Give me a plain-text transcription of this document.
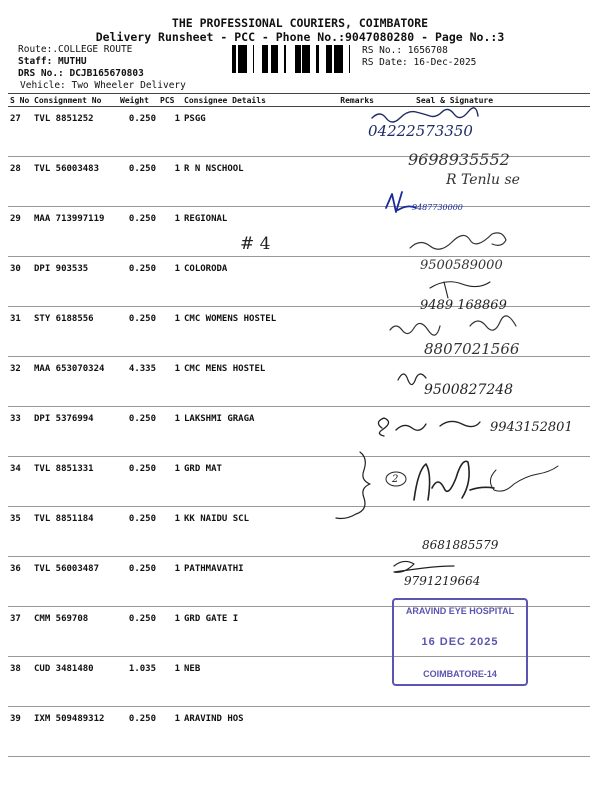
THE PROFESSIONAL COURIERS, COIMBATORE
Delivery Runsheet - PCC - Phone No.:9047080280 - Page No.:3
Route:.COLLEGE ROUTE
Staff: MUTHU
DRS No.: DCJB165670803
Vehicle: Two Wheeler Delivery
RS No.: 1656708
RS Date: 16-Dec-2025
S No	Consignment No	Weight	PCS	Consignee Details	Remarks	Seal & Signature
27	TVL 8851252	0.250	1	PSGG		
28	TVL 56003483	0.250	1	R N NSCHOOL		
29	MAA 713997119	0.250	1	REGIONAL		
30	DPI 903535	0.250	1	COLORODA		
31	STY 6188556	0.250	1	CMC WOMENS HOSTEL		
32	MAA 653070324	4.335	1	CMC MENS HOSTEL		
33	DPI 5376994	0.250	1	LAKSHMI GRAGA		
34	TVL 8851331	0.250	1	GRD MAT		
35	TVL 8851184	0.250	1	KK NAIDU SCL		
36	TVL 56003487	0.250	1	PATHMAVATHI		
37	CMM 569708	0.250	1	GRD GATE I		
38	CUD 3481480	1.035	1	NEB		
39	IXM 509489312	0.250	1	ARAVIND HOS		
04222573350
9698935552
R Tenlu se
9487730000
# 4
9500589000
9489 168869
8807021566
9500827248
9943152801
2
8681885579
9791219664
ARAVIND EYE HOSPITAL
16 DEC 2025
COIMBATORE-14
